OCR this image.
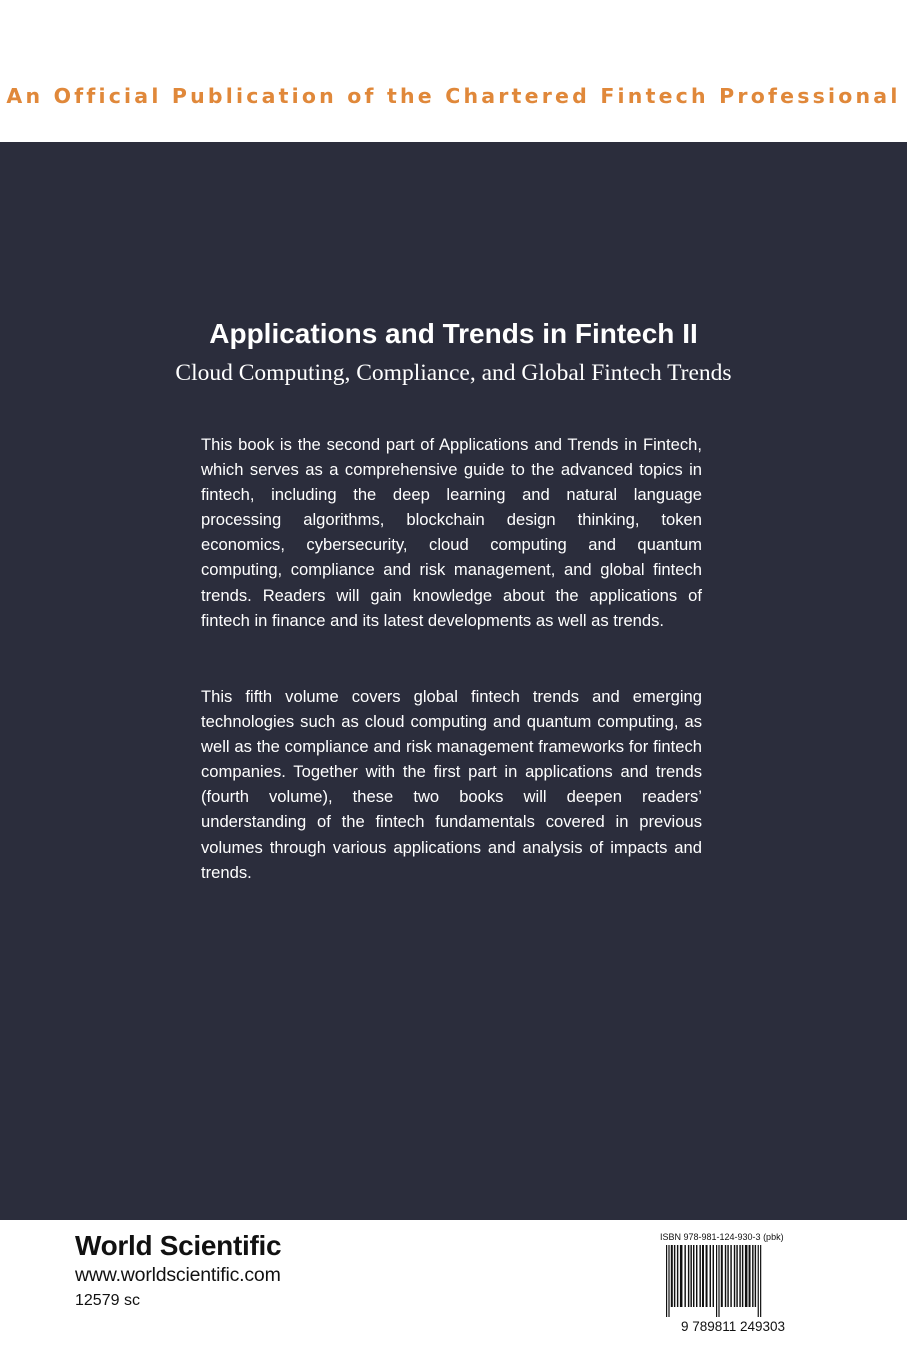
An Official Publication of the Chartered Fintech Professional
Applications and Trends in Fintech II
Cloud Computing, Compliance, and Global Fintech Trends

This book is the second part of Applications and Trends in Fintech, which serves as a comprehensive guide to the advanced topics in fintech, including the deep learning and natural language processing algorithms, blockchain design thinking, token economics, cybersecurity, cloud computing and quantum computing, compliance and risk management, and global fintech trends. Readers will gain knowledge about the applications of fintech in finance and its latest developments as well as trends.

This fifth volume covers global fintech trends and emerging technologies such as cloud computing and quantum computing, as well as the compliance and risk management frameworks for fintech companies. Together with the first part in applications and trends (fourth volume), these two books will deepen readers’ understanding of the fintech fundamentals covered in previous volumes through various applications and analysis of impacts and trends.

World Scientific
www.worldscientific.com
12579 sc
ISBN 978-981-124-930-3 (pbk)
9 789811 249303
